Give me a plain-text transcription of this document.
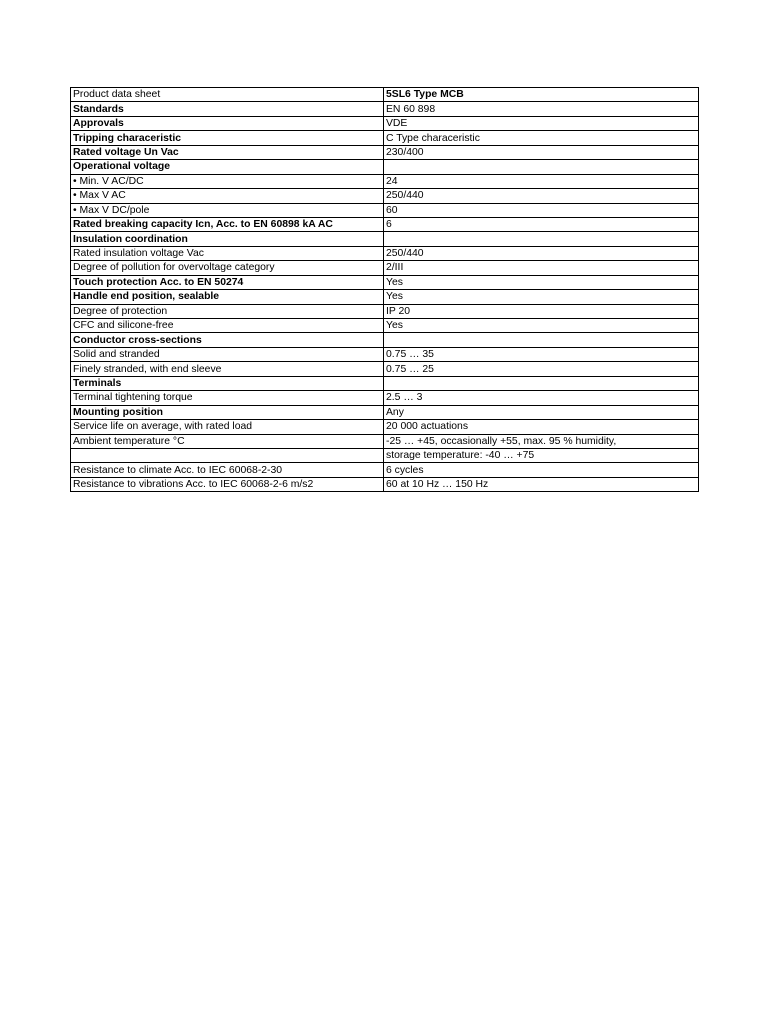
Product data sheet	5SL6 Type MCB
Standards	EN 60 898
Approvals	VDE
Tripping characeristic	C Type characeristic
Rated voltage Un Vac	230/400
Operational voltage	
• Min. V AC/DC	24
• Max V AC	250/440
• Max V DC/pole	60
Rated breaking capacity Icn, Acc. to EN 60898 kA AC	6
Insulation coordination	
Rated insulation voltage Vac	250/440
Degree of pollution for overvoltage category	2/III
Touch protection Acc. to EN 50274	Yes
Handle end position, sealable	Yes
Degree of protection	IP 20
CFC and silicone-free	Yes
Conductor cross-sections	
Solid and stranded	0.75 … 35
Finely stranded, with end sleeve	0.75 … 25
Terminals	
Terminal tightening torque	2.5 … 3
Mounting position	Any
Service life on average, with rated load	20 000 actuations
Ambient temperature °C	-25 … +45, occasionally +55, max. 95 % humidity,
	storage temperature: -40 … +75
Resistance to climate Acc. to IEC 60068-2-30	6 cycles
Resistance to vibrations Acc. to IEC 60068-2-6 m/s2	60 at 10 Hz … 150 Hz
